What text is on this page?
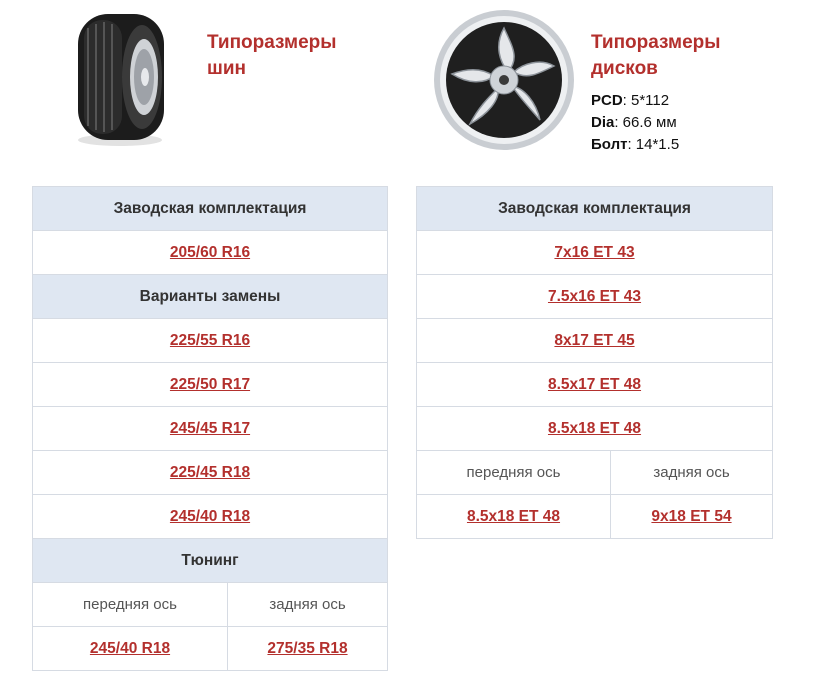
Типоразмеры
шин
Типоразмеры
дисков
PCD: 5*112
Dia: 66.6 мм
Болт: 14*1.5
Заводская комплектация	
205/60 R16	
Варианты замены	
225/55 R16	
225/50 R17	
245/45 R17	
225/45 R18	
245/40 R18	
Тюнинг	
передняя ось	задняя ось
245/40 R18	275/35 R18
Заводская комплектация	
7x16 ET 43	
7.5x16 ET 43	
8x17 ET 45	
8.5x17 ET 48	
8.5x18 ET 48	
передняя ось	задняя ось
8.5x18 ET 48	9x18 ET 54
